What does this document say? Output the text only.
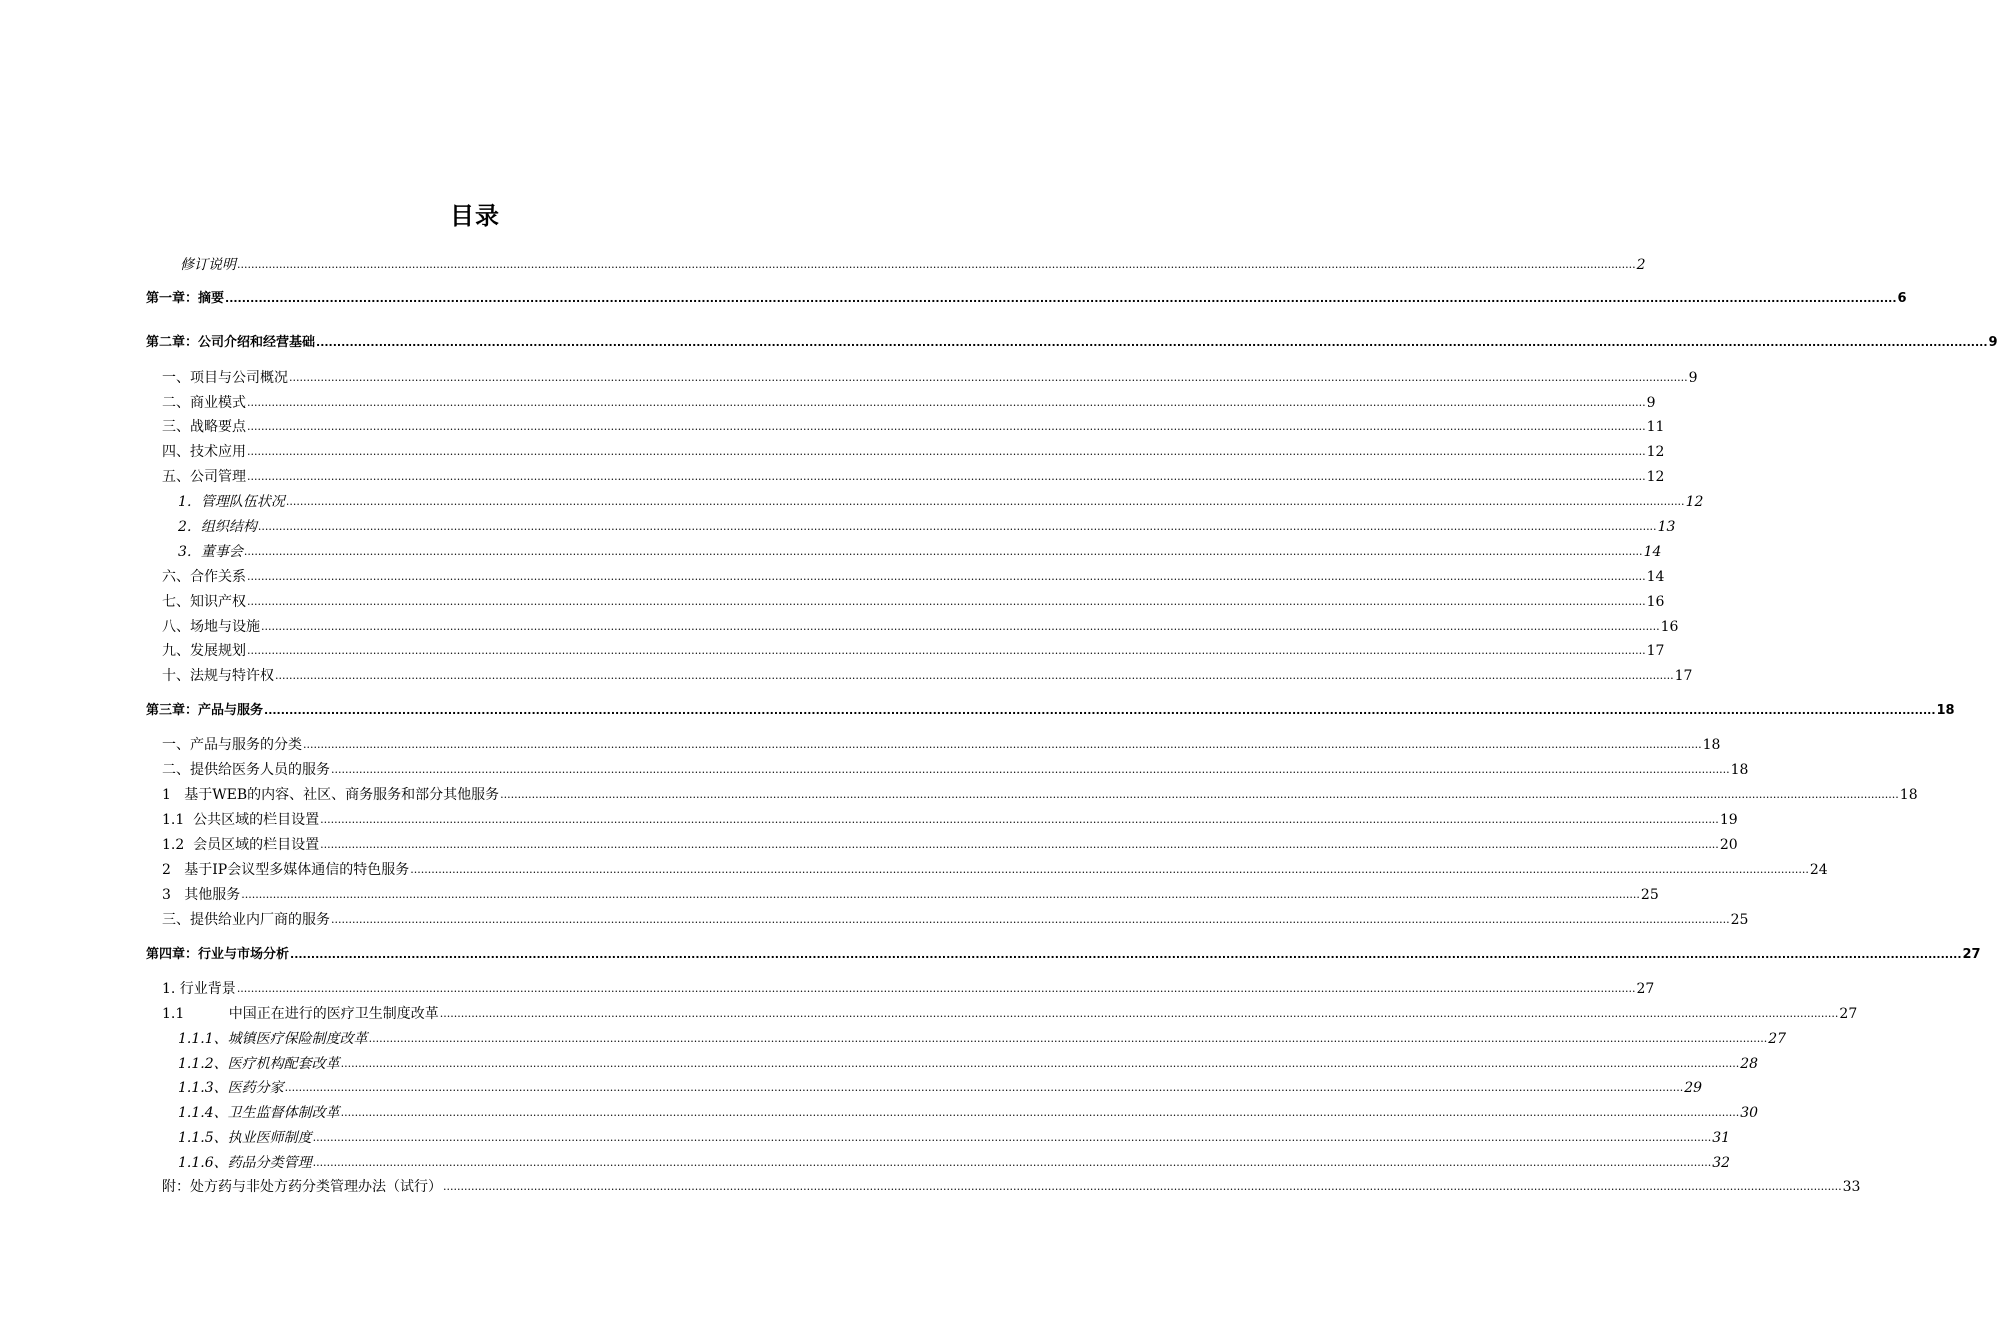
目录
修订说明 ................................................................................................................................................................................................................................................................................................................................................................................................................ 2
第一章：摘要 ................................................................................................................................................................................................................................................................................................................................................................................................................ 6
第二章：公司介绍和经营基础 ................................................................................................................................................................................................................................................................................................................................................................................................................ 9
一、项目与公司概况 ................................................................................................................................................................................................................................................................................................................................................................................................................ 9
二、商业模式 ................................................................................................................................................................................................................................................................................................................................................................................................................ 9
三、战略要点 ................................................................................................................................................................................................................................................................................................................................................................................................................ 11
四、技术应用 ................................................................................................................................................................................................................................................................................................................................................................................................................ 12
五、公司管理 ................................................................................................................................................................................................................................................................................................................................................................................................................ 12
1．管理队伍状况 ................................................................................................................................................................................................................................................................................................................................................................................................................ 12
2．组织结构 ................................................................................................................................................................................................................................................................................................................................................................................................................ 13
3．董事会 ................................................................................................................................................................................................................................................................................................................................................................................................................ 14
六、合作关系 ................................................................................................................................................................................................................................................................................................................................................................................................................ 14
七、知识产权 ................................................................................................................................................................................................................................................................................................................................................................................................................ 16
八、场地与设施 ................................................................................................................................................................................................................................................................................................................................................................................................................ 16
九、发展规划 ................................................................................................................................................................................................................................................................................................................................................................................................................ 17
十、法规与特许权 ................................................................................................................................................................................................................................................................................................................................................................................................................ 17
第三章：产品与服务 ................................................................................................................................................................................................................................................................................................................................................................................................................ 18
一、产品与服务的分类 ................................................................................................................................................................................................................................................................................................................................................................................................................ 18
二、提供给医务人员的服务 ................................................................................................................................................................................................................................................................................................................................................................................................................ 18
1   基于WEB的内容、社区、商务服务和部分其他服务 ................................................................................................................................................................................................................................................................................................................................................................................................................ 18
1.1  公共区域的栏目设置 ................................................................................................................................................................................................................................................................................................................................................................................................................ 19
1.2  会员区域的栏目设置 ................................................................................................................................................................................................................................................................................................................................................................................................................ 20
2   基于IP会议型多媒体通信的特色服务 ................................................................................................................................................................................................................................................................................................................................................................................................................ 24
3   其他服务 ................................................................................................................................................................................................................................................................................................................................................................................................................ 25
三、提供给业内厂商的服务 ................................................................................................................................................................................................................................................................................................................................................................................................................ 25
第四章：行业与市场分析 ................................................................................................................................................................................................................................................................................................................................................................................................................ 27
1. 行业背景 ................................................................................................................................................................................................................................................................................................................................................................................................................ 27
1.1          中国正在进行的医疗卫生制度改革 ................................................................................................................................................................................................................................................................................................................................................................................................................ 27
1.1.1、城镇医疗保险制度改革 ................................................................................................................................................................................................................................................................................................................................................................................................................ 27
1.1.2、医疗机构配套改革 ................................................................................................................................................................................................................................................................................................................................................................................................................ 28
1.1.3、医药分家 ................................................................................................................................................................................................................................................................................................................................................................................................................ 29
1.1.4、卫生监督体制改革 ................................................................................................................................................................................................................................................................................................................................................................................................................ 30
1.1.5、执业医师制度 ................................................................................................................................................................................................................................................................................................................................................................................................................ 31
1.1.6、药品分类管理 ................................................................................................................................................................................................................................................................................................................................................................................................................ 32
附：处方药与非处方药分类管理办法（试行） ................................................................................................................................................................................................................................................................................................................................................................................................................ 33
